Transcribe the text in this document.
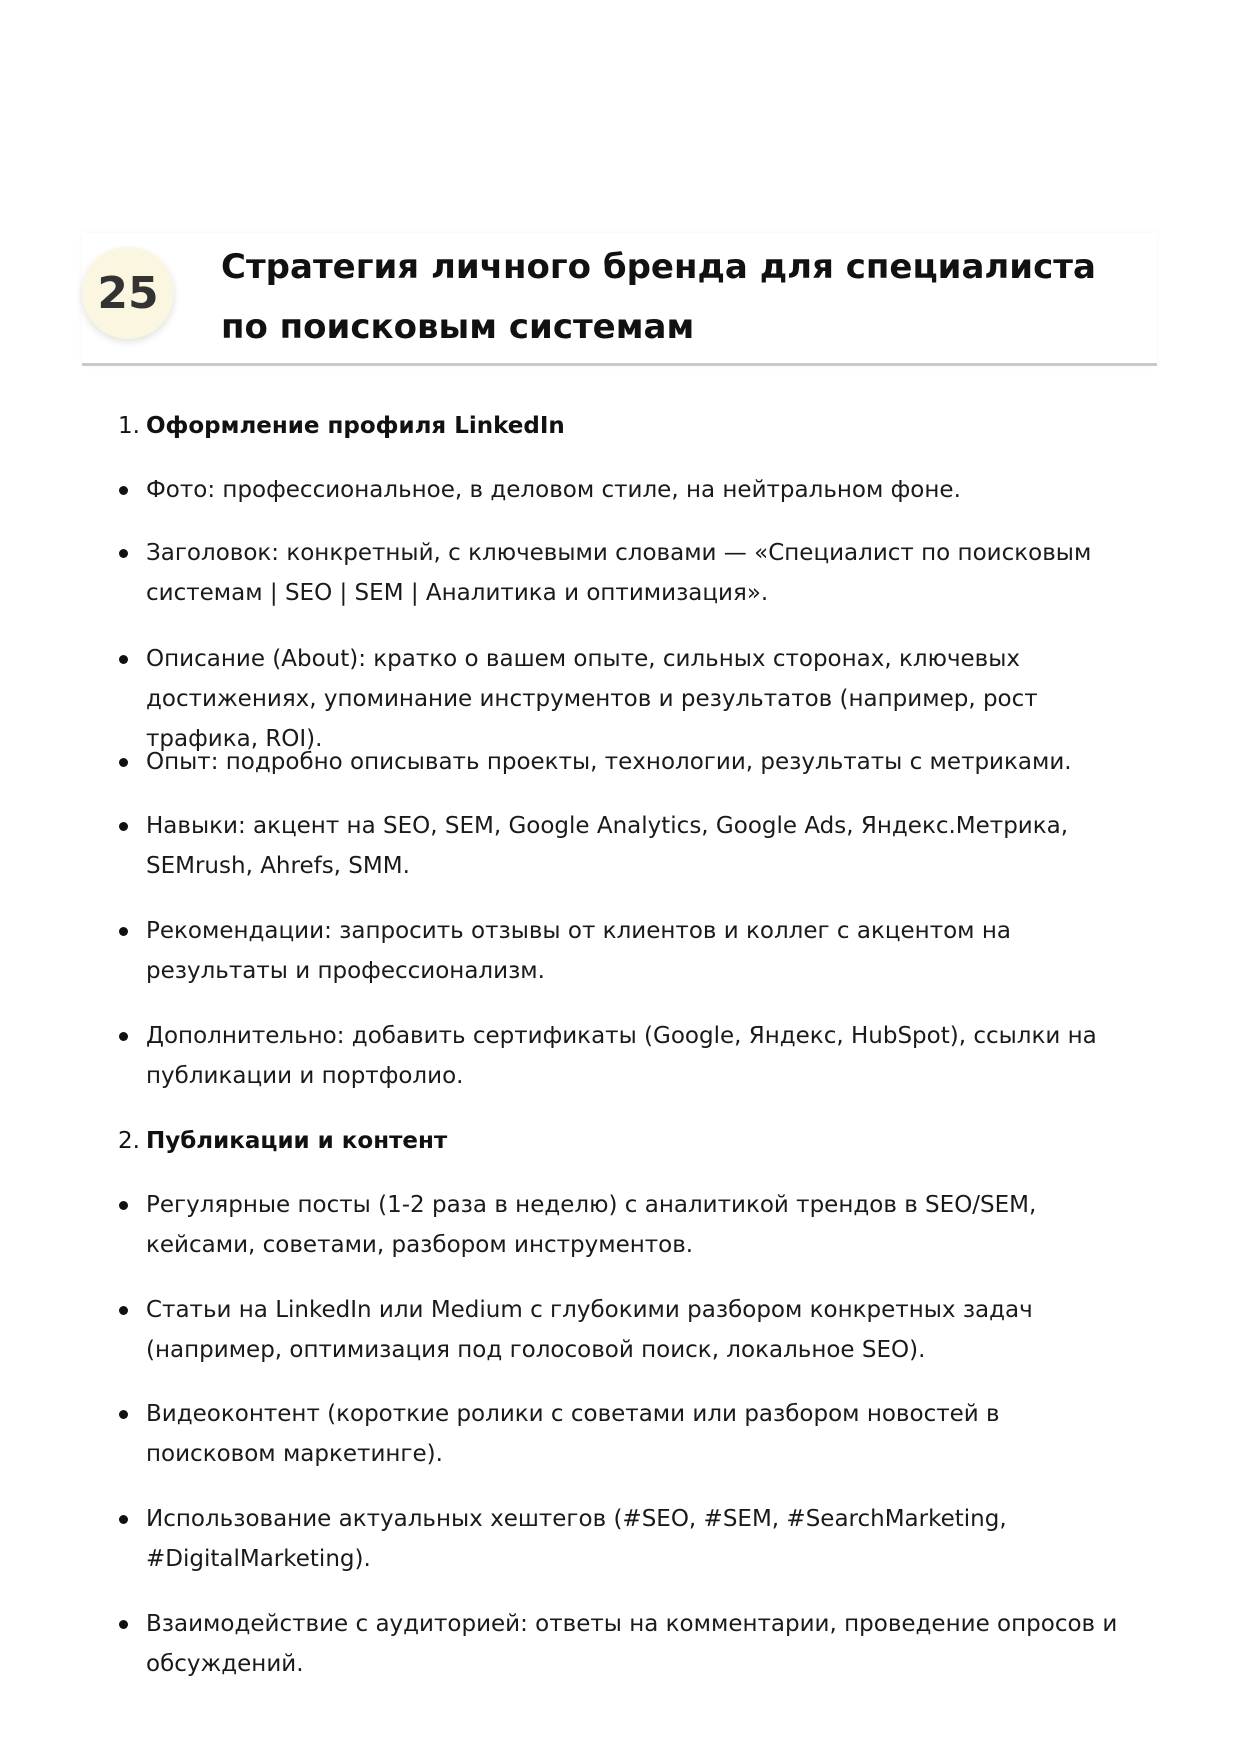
25
Стратегия личного бренда для специалиста по поисковым системам
1. Оформление профиля LinkedIn
Фото: профессиональное, в деловом стиле, на нейтральном фоне.
Заголовок: конкретный, с ключевыми словами — «Специалист по поисковым системам | SEO | SEM | Аналитика и оптимизация».
Описание (About): кратко о вашем опыте, сильных сторонах, ключевых достижениях, упоминание инструментов и результатов (например, рост трафика, ROI).
Опыт: подробно описывать проекты, технологии, результаты с метриками.
Навыки: акцент на SEO, SEM, Google Analytics, Google Ads, Яндекс.Метрика, SEMrush, Ahrefs, SMM.
Рекомендации: запросить отзывы от клиентов и коллег с акцентом на результаты и профессионализм.
Дополнительно: добавить сертификаты (Google, Яндекс, HubSpot), ссылки на публикации и портфолио.
2. Публикации и контент
Регулярные посты (1-2 раза в неделю) с аналитикой трендов в SEO/SEM, кейсами, советами, разбором инструментов.
Статьи на LinkedIn или Medium с глубокими разбором конкретных задач (например, оптимизация под голосовой поиск, локальное SEO).
Видеоконтент (короткие ролики с советами или разбором новостей в поисковом маркетинге).
Использование актуальных хештегов (#SEO, #SEM, #SearchMarketing, #DigitalMarketing).
Взаимодействие с аудиторией: ответы на комментарии, проведение опросов и обсуждений.
